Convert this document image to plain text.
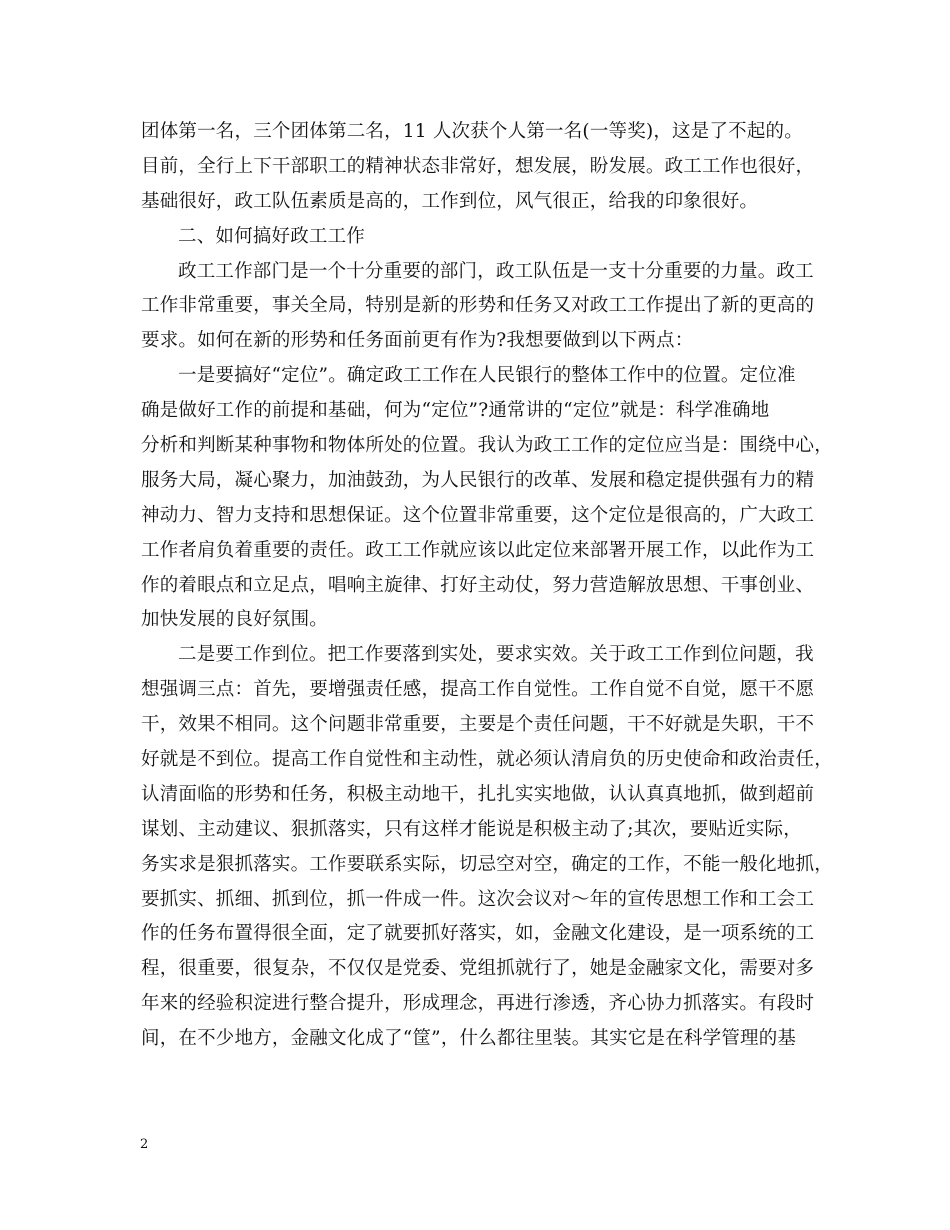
团体第一名，三个团体第二名，11 人次获个人第一名(一等奖)，这是了不起的。
目前，全行上下干部职工的精神状态非常好，想发展，盼发展。政工工作也很好，
基础很好，政工队伍素质是高的，工作到位，风气很正，给我的印象很好。
二、如何搞好政工工作
政工工作部门是一个十分重要的部门，政工队伍是一支十分重要的力量。政工
工作非常重要，事关全局，特别是新的形势和任务又对政工工作提出了新的更高的
要求。如何在新的形势和任务面前更有作为?我想要做到以下两点：
一是要搞好“定位”。确定政工工作在人民银行的整体工作中的位置。定位准
确是做好工作的前提和基础，何为“定位”?通常讲的“定位”就是：科学准确地
分析和判断某种事物和物体所处的位置。我认为政工工作的定位应当是：围绕中心，
服务大局，凝心聚力，加油鼓劲，为人民银行的改革、发展和稳定提供强有力的精
神动力、智力支持和思想保证。这个位置非常重要，这个定位是很高的，广大政工
工作者肩负着重要的责任。政工工作就应该以此定位来部署开展工作，以此作为工
作的着眼点和立足点，唱响主旋律、打好主动仗，努力营造解放思想、干事创业、
加快发展的良好氛围。
二是要工作到位。把工作要落到实处，要求实效。关于政工工作到位问题，我
想强调三点：首先，要增强责任感，提高工作自觉性。工作自觉不自觉，愿干不愿
干，效果不相同。这个问题非常重要，主要是个责任问题，干不好就是失职，干不
好就是不到位。提高工作自觉性和主动性，就必须认清肩负的历史使命和政治责任，
认清面临的形势和任务，积极主动地干，扎扎实实地做，认认真真地抓，做到超前
谋划、主动建议、狠抓落实，只有这样才能说是积极主动了;其次，要贴近实际，
务实求是狠抓落实。工作要联系实际，切忌空对空，确定的工作，不能一般化地抓，
要抓实、抓细、抓到位，抓一件成一件。这次会议对～年的宣传思想工作和工会工
作的任务布置得很全面，定了就要抓好落实，如，金融文化建设，是一项系统的工
程，很重要，很复杂，不仅仅是党委、党组抓就行了，她是金融家文化，需要对多
年来的经验积淀进行整合提升，形成理念，再进行渗透，齐心协力抓落实。有段时
间，在不少地方，金融文化成了“筐”，什么都往里装。其实它是在科学管理的基
2
